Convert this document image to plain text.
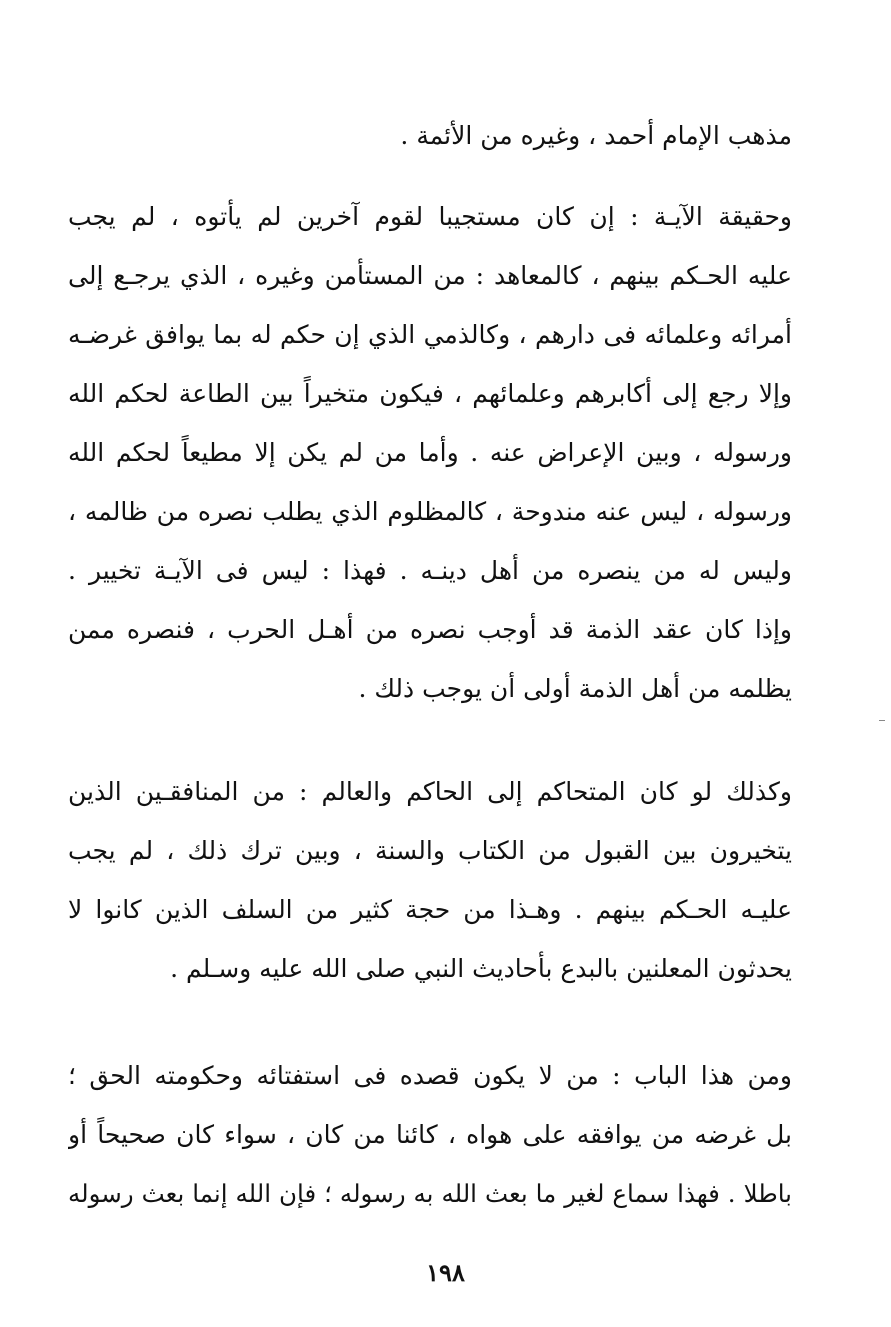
مذهب الإمام أحمد ، وغيره من الأئمة .
وحقيقة الآيـة : إن كان مستجيبا لقوم آخرين لم يأتوه ، لم يجب
عليه الحـكم بينهم ، كالمعاهد : من المستأمن وغيره ، الذي يرجـع إلى
أمرائه وعلمائه فى دارهم ، وكالذمي الذي إن حكم له بما يوافق غرضـه
وإلا رجع إلى أكابرهم وعلمائهم ، فيكون متخيراً بين الطاعة لحكم الله
ورسوله ، وبين الإعراض عنه . وأما من لم يكن إلا مطيعاً لحكم الله
ورسوله ، ليس عنه مندوحة ، كالمظلوم الذي يطلب نصره من ظالمه ،
وليس له من ينصره من أهل دينـه . فهذا : ليس فى الآيـة تخيير .
وإذا كان عقد الذمة قد أوجب نصره من أهـل الحرب ، فنصره ممن
يظلمه من أهل الذمة أولى أن يوجب ذلك .
وكذلك لو كان المتحاكم إلى الحاكم والعالم : من المنافقـين الذين
يتخيرون بين القبول من الكتاب والسنة ، وبين ترك ذلك ، لم يجب
عليـه الحـكم بينهم . وهـذا من حجة كثير من السلف الذين كانوا لا
يحدثون المعلنين بالبدع بأحاديث النبي صلى الله عليه وسـلم .
ومن هذا الباب : من لا يكون قصده فى استفتائه وحكومته الحق ؛
بل غرضه من يوافقه على هواه ، كائنا من كان ، سواء كان صحيحاً أو
باطلا . فهذا سماع لغير ما بعث الله به رسوله ؛ فإن الله إنما بعث رسوله
١٩٨
